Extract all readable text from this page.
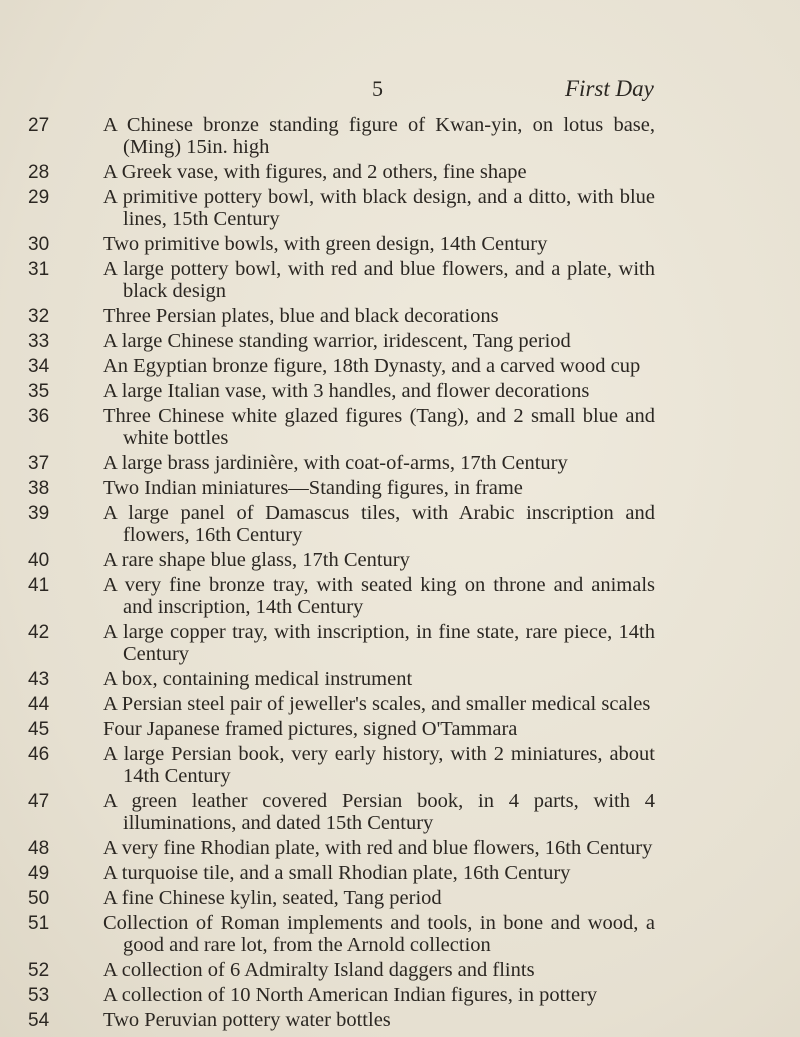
5	First Day
27	A Chinese bronze standing figure of Kwan-yin, on lotus base, (Ming) 15in. high
28	A Greek vase, with figures, and 2 others, fine shape
29	A primitive pottery bowl, with black design, and a ditto, with blue lines, 15th Century
30	Two primitive bowls, with green design, 14th Century
31	A large pottery bowl, with red and blue flowers, and a plate, with black design
32	Three Persian plates, blue and black decorations
33	A large Chinese standing warrior, iridescent, Tang period
34	An Egyptian bronze figure, 18th Dynasty, and a carved wood cup
35	A large Italian vase, with 3 handles, and flower decorations
36	Three Chinese white glazed figures (Tang), and 2 small blue and white bottles
37	A large brass jardinière, with coat-of-arms, 17th Century
38	Two Indian miniatures—Standing figures, in frame
39	A large panel of Damascus tiles, with Arabic inscription and flowers, 16th Century
40	A rare shape blue glass, 17th Century
41	A very fine bronze tray, with seated king on throne and animals and inscription, 14th Century
42	A large copper tray, with inscription, in fine state, rare piece, 14th Century
43	A box, containing medical instrument
44	A Persian steel pair of jeweller's scales, and smaller medical scales
45	Four Japanese framed pictures, signed O'Tammara
46	A large Persian book, very early history, with 2 miniatures, about 14th Century
47	A green leather covered Persian book, in 4 parts, with 4 illuminations, and dated 15th Century
48	A very fine Rhodian plate, with red and blue flowers, 16th Century
49	A turquoise tile, and a small Rhodian plate, 16th Century
50	A fine Chinese kylin, seated, Tang period
51	Collection of Roman implements and tools, in bone and wood, a good and rare lot, from the Arnold collection
52	A collection of 6 Admiralty Island daggers and flints
53	A collection of 10 North American Indian figures, in pottery
54	Two Peruvian pottery water bottles
